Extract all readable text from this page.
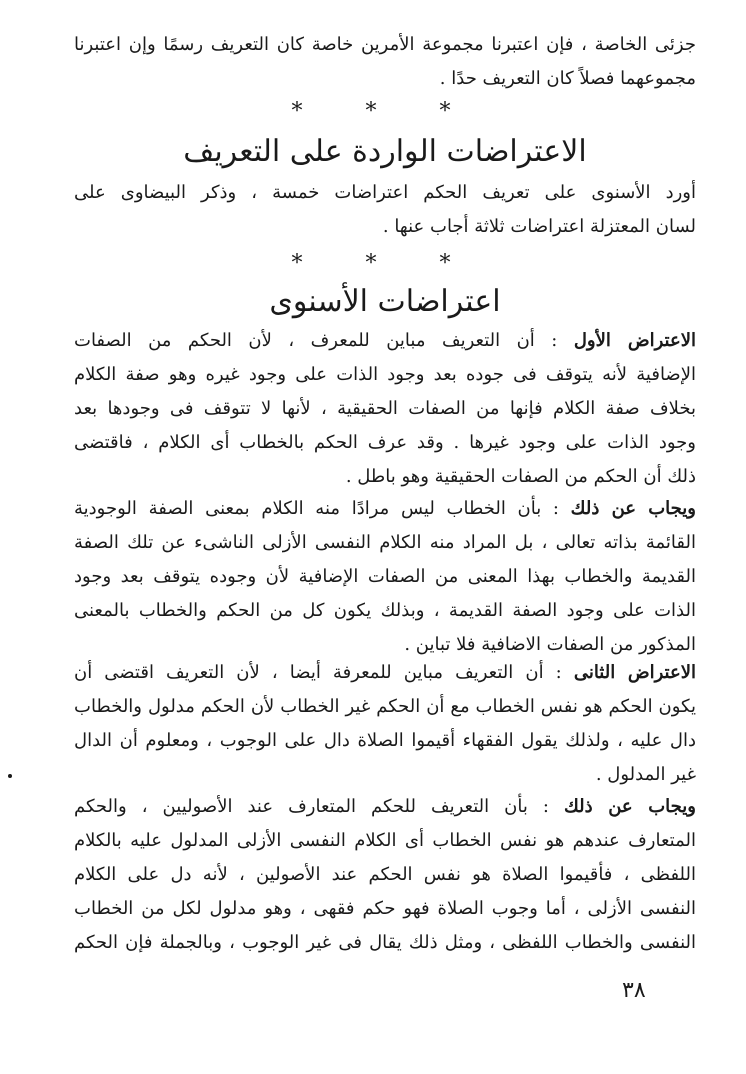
جزئى الخاصة ، فإن اعتبرنا مجموعة الأمرين خاصة كان التعريف رسمًا وإن اعتبرنا
مجموعهما فصلاً كان التعريف حدًا .
* * *
الاعتراضات الواردة على التعريف
أورد الأسنوى على تعريف الحكم اعتراضات خمسة ، وذكر البيضاوى على
لسان المعتزلة اعتراضات ثلاثة أجاب عنها .
* * *
اعتراضات الأسنوى
الاعتراض الأول : أن التعريف مباين للمعرف ، لأن الحكم من الصفات
الإضافية لأنه يتوقف فى جوده بعد وجود الذات على وجود غيره وهو صفة الكلام
بخلاف صفة الكلام فإنها من الصفات الحقيقية ، لأنها لا تتوقف فى وجودها بعد
وجود الذات على وجود غيرها . وقد عرف الحكم بالخطاب أى الكلام ، فاقتضى
ذلك أن الحكم من الصفات الحقيقية وهو باطل .
ويجاب عن ذلك : بأن الخطاب ليس مرادًا منه الكلام بمعنى الصفة الوجودية
القائمة بذاته تعالى ، بل المراد منه الكلام النفسى الأزلى الناشىء عن تلك الصفة
القديمة والخطاب بهذا المعنى من الصفات الإضافية لأن وجوده يتوقف بعد وجود
الذات على وجود الصفة القديمة ، وبذلك يكون كل من الحكم والخطاب بالمعنى
المذكور من الصفات الاضافية فلا تباين .
الاعتراض الثانى : أن التعريف مباين للمعرفة أيضا ، لأن التعريف اقتضى أن
يكون الحكم هو نفس الخطاب مع أن الحكم غير الخطاب لأن الحكم مدلول والخطاب
دال عليه ، ولذلك يقول الفقهاء أقيموا الصلاة دال على الوجوب ، ومعلوم أن الدال
غير المدلول .
ويجاب عن ذلك : بأن التعريف للحكم المتعارف عند الأصوليين ، والحكم
المتعارف عندهم هو نفس الخطاب أى الكلام النفسى الأزلى المدلول عليه بالكلام
اللفظى ، فأقيموا الصلاة هو نفس الحكم عند الأصولين ، لأنه دل على الكلام
النفسى الأزلى ، أما وجوب الصلاة فهو حكم فقهى ، وهو مدلول لكل من الخطاب
النفسى والخطاب اللفظى ، ومثل ذلك يقال فى غير الوجوب ، وبالجملة فإن الحكم
٣٨
